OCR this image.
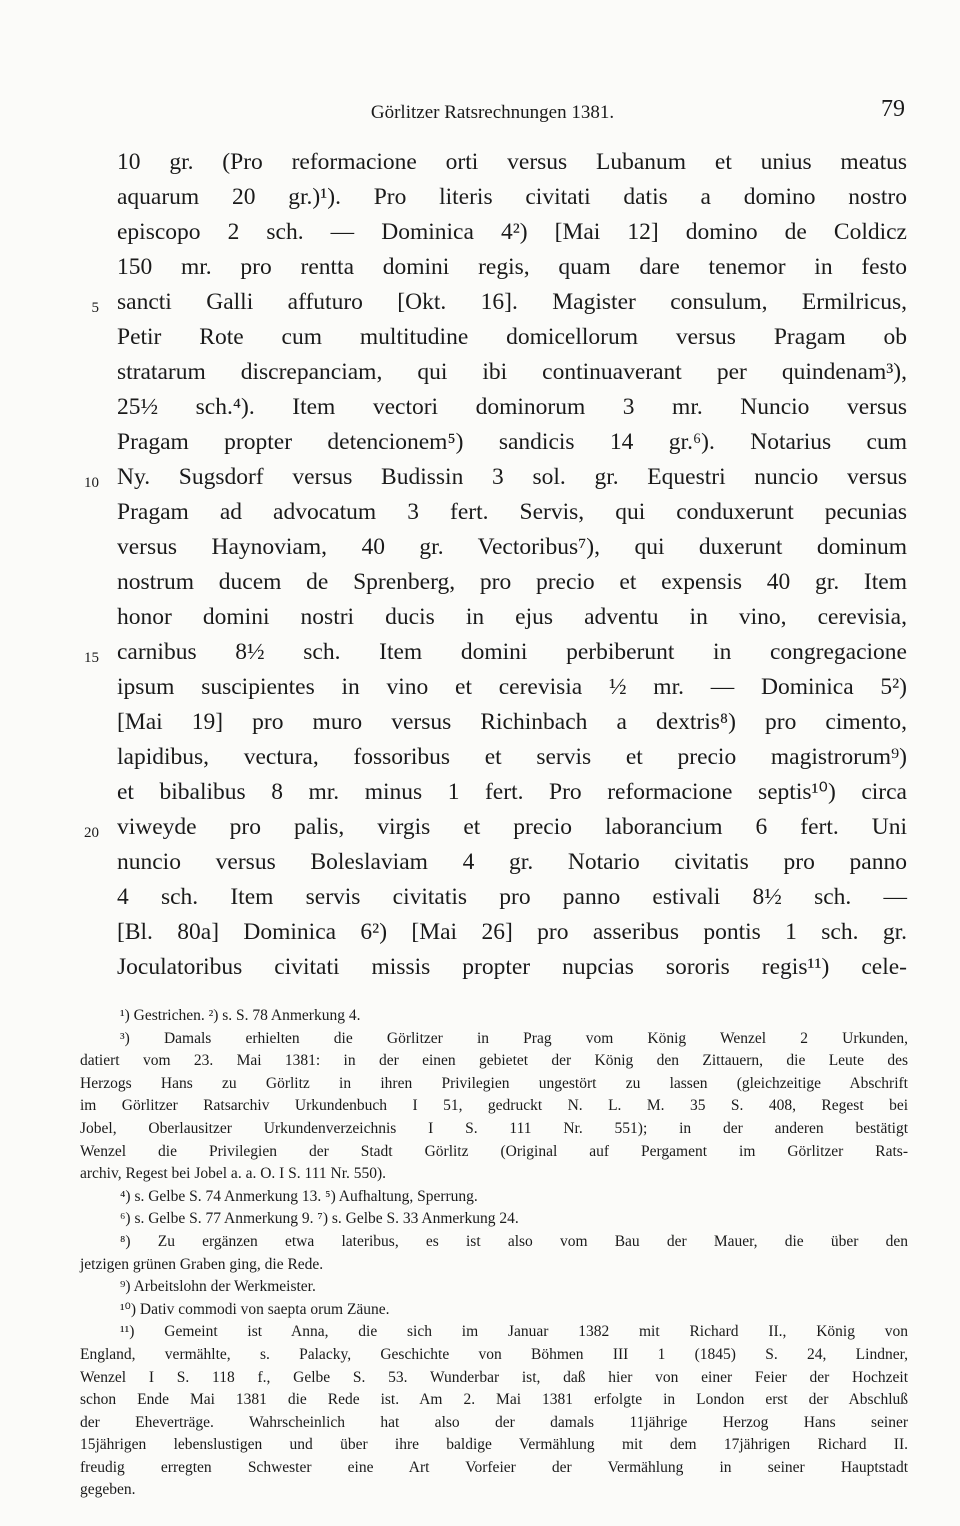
Görlitzer Ratsrechnungen 1381.	79
10 gr. (Pro reformacione orti versus Lubanum et unius meatus
aquarum 20 gr.)¹). Pro literis civitati datis a domino nostro
episcopo 2 sch. — Dominica 4²) [Mai 12] domino de Coldicz
150 mr. pro rentta domini regis, quam dare tenemor in festo
5 sancti Galli affuturo [Okt. 16]. Magister consulum, Ermilricus,
Petir Rote cum multitudine domicellorum versus Pragam ob
stratarum discrepanciam, qui ibi continuaverant per quindenam³),
25½ sch.⁴). Item vectori dominorum 3 mr. Nuncio versus
Pragam propter detencionem⁵) sandicis 14 gr.⁶). Notarius cum
10 Ny. Sugsdorf versus Budissin 3 sol. gr. Equestri nuncio versus
Pragam ad advocatum 3 fert. Servis, qui conduxerunt pecunias
versus Haynoviam, 40 gr. Vectoribus⁷), qui duxerunt dominum
nostrum ducem de Sprenberg, pro precio et expensis 40 gr. Item
honor domini nostri ducis in ejus adventu in vino, cerevisia,
15 carnibus 8½ sch. Item domini perbiberunt in congregacione
ipsum suscipientes in vino et cerevisia ½ mr. — Dominica 5²)
[Mai 19] pro muro versus Richinbach a dextris⁸) pro cimento,
lapidibus, vectura, fossoribus et servis et precio magistrorum⁹)
et bibalibus 8 mr. minus 1 fert. Pro reformacione septis¹⁰) circa
20 viweyde pro palis, virgis et precio laborancium 6 fert. Uni
nuncio versus Boleslaviam 4 gr. Notario civitatis pro panno
4 sch. Item servis civitatis pro panno estivali 8½ sch. —
[Bl. 80a] Dominica 6²) [Mai 26] pro asseribus pontis 1 sch. gr.
Joculatoribus civitati missis propter nupcias sororis regis¹¹) cele-
¹) Gestrichen. ²) s. S. 78 Anmerkung 4.
³) Damals erhielten die Görlitzer in Prag vom König Wenzel 2 Urkunden,
datiert vom 23. Mai 1381: in der einen gebietet der König den Zittauern, die Leute des
Herzogs Hans zu Görlitz in ihren Privilegien ungestört zu lassen (gleichzeitige Abschrift
im Görlitzer Ratsarchiv Urkundenbuch I 51, gedruckt N. L. M. 35 S. 408, Regest bei
Jobel, Oberlausitzer Urkundenverzeichnis I S. 111 Nr. 551); in der anderen bestätigt
Wenzel die Privilegien der Stadt Görlitz (Original auf Pergament im Görlitzer Rats-
archiv, Regest bei Jobel a. a. O. I S. 111 Nr. 550).
⁴) s. Gelbe S. 74 Anmerkung 13. ⁵) Aufhaltung, Sperrung.
⁶) s. Gelbe S. 77 Anmerkung 9. ⁷) s. Gelbe S. 33 Anmerkung 24.
⁸) Zu ergänzen etwa lateribus, es ist also vom Bau der Mauer, die über den
jetzigen grünen Graben ging, die Rede.
⁹) Arbeitslohn der Werkmeister.
¹⁰) Dativ commodi von saepta orum Zäune.
¹¹) Gemeint ist Anna, die sich im Januar 1382 mit Richard II., König von
England, vermählte, s. Palacky, Geschichte von Böhmen III 1 (1845) S. 24, Lindner,
Wenzel I S. 118 f., Gelbe S. 53. Wunderbar ist, daß hier von einer Feier der Hochzeit
schon Ende Mai 1381 die Rede ist. Am 2. Mai 1381 erfolgte in London erst der Abschluß
der Eheverträge. Wahrscheinlich hat also der damals 11jährige Herzog Hans seiner
15jährigen lebenslustigen und über ihre baldige Vermählung mit dem 17jährigen Richard II.
freudig erregten Schwester eine Art Vorfeier der Vermählung in seiner Hauptstadt
gegeben.
